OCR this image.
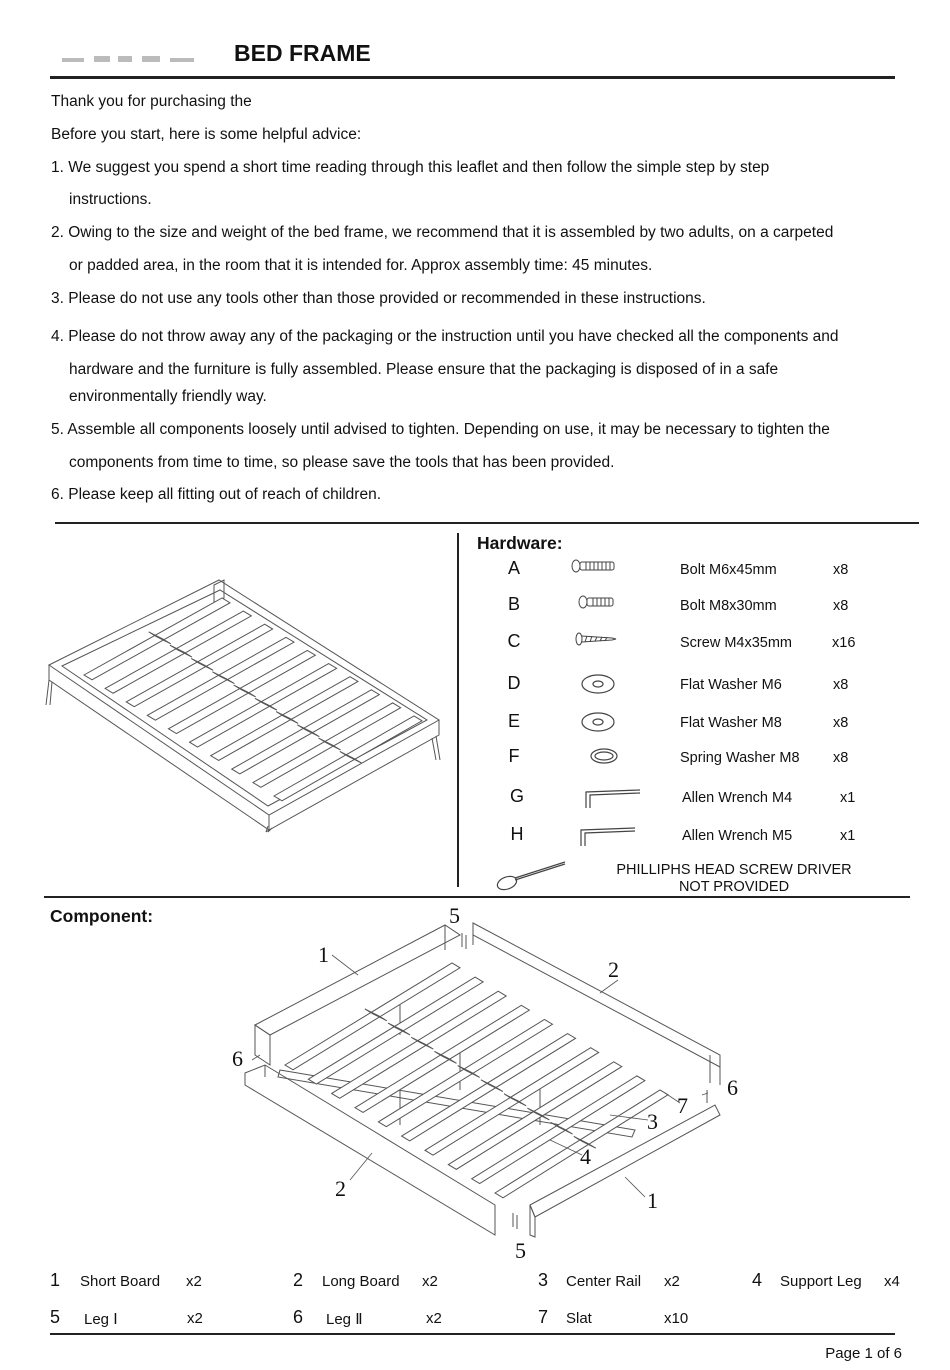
BED FRAME
Thank you for purchasing the
Before you start, here is some helpful advice:
1. We suggest you spend a short time reading through this leaflet and then follow the simple step by step
instructions.
2. Owing to the size and weight of the bed frame, we recommend that it is assembled by two adults, on a carpeted
or padded area, in the room that it is intended for. Approx assembly time: 45 minutes.
3. Please do not use any tools other than those provided or recommended in these instructions.
4. Please do not throw away any of the packaging or the instruction until you have checked all the components and
hardware and the furniture is fully assembled. Please ensure that the packaging is disposed of in a safe
environmentally friendly way.
5. Assemble all components loosely until advised to tighten. Depending on use, it may be necessary to tighten the
components from time to time, so please save the tools that has been provided.
6. Please keep all fitting out of reach of children.
Hardware:
A	Bolt M6x45mm	x8
B	Bolt M8x30mm	x8
C	Screw M4x35mm	x16
D	Flat Washer M6	x8
E	Flat Washer M8	x8
F	Spring Washer M8 x8
G	Allen Wrench M4	x1
H	Allen Wrench M5	x1
PHILLIPHS HEAD SCREW DRIVER
NOT PROVIDED
Component:	5
1
2
6
6
7
3
4
2	1
5
1 Short Board x2	2 Long Board x2	3 Center Rail x2	4 Support Leg x4
5 Leg Ⅰ	x2	6 Leg Ⅱ	x2	7 Slat	x10
Page 1 of 6
